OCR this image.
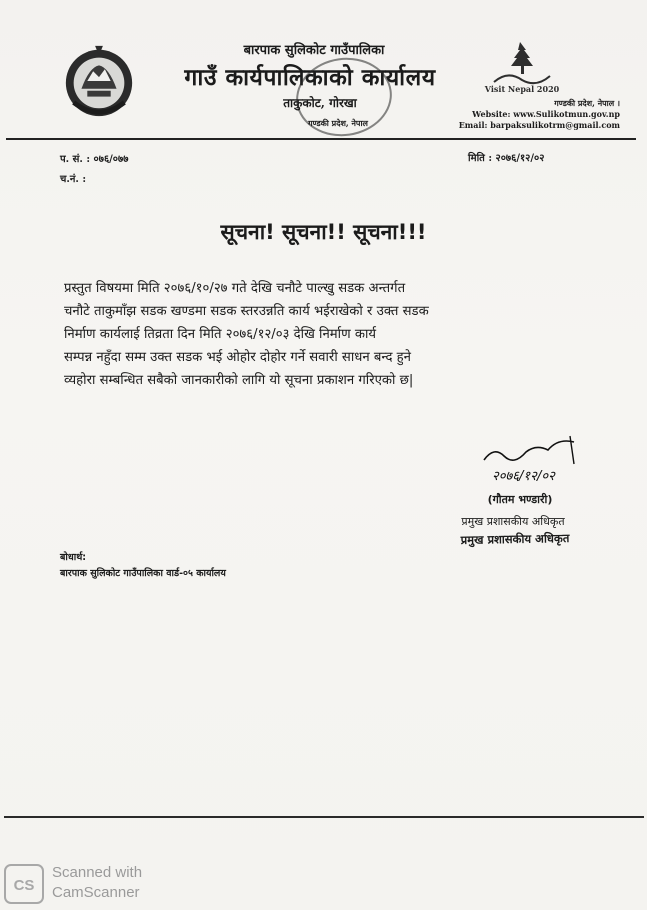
बारपाक सुलिकोट गाउँपालिका
गाउँ कार्यपालिकाको कार्यालय
ताकुकोट, गोरखा
गण्डकी प्रदेश, नेपाल
Visit Nepal 2020
गण्डकी प्रदेश, नेपाल ।
Website: www.Sulikotmun.gov.np
Email: barpaksulikotrm@gmail.com
प. सं. : ०७६/०७७
च.नं. :
मिति : २०७६/१२/०२
सूचना! सूचना!! सूचना!!!
प्रस्तुत विषयमा मिति २०७६/१०/२७ गते देखि चनौटे पाल्खु सडक अन्तर्गत
चनौटे ताकुमाँझ सडक खण्डमा सडक स्तरउन्नति कार्य भईराखेको र उक्त सडक
निर्माण कार्यलाई तिव्रता दिन मिति २०७६/१२/०३ देखि निर्माण कार्य
सम्पन्न नहुँदा सम्म उक्त सडक भई ओहोर दोहोर गर्ने सवारी साधन बन्द हुने
व्यहोरा सम्बन्धित सबैको जानकारीको लागि यो सूचना प्रकाशन गरिएको छ|
२०७६/१२/०२
(गौतम भण्डारी)
प्रमुख प्रशासकीय अधिकृत
प्रमुख प्रशासकीय अधिकृत
बोधार्थ:
बारपाक सुलिकोट गाउँपालिका वार्ड-०५ कार्यालय
CS
Scanned with
CamScanner
